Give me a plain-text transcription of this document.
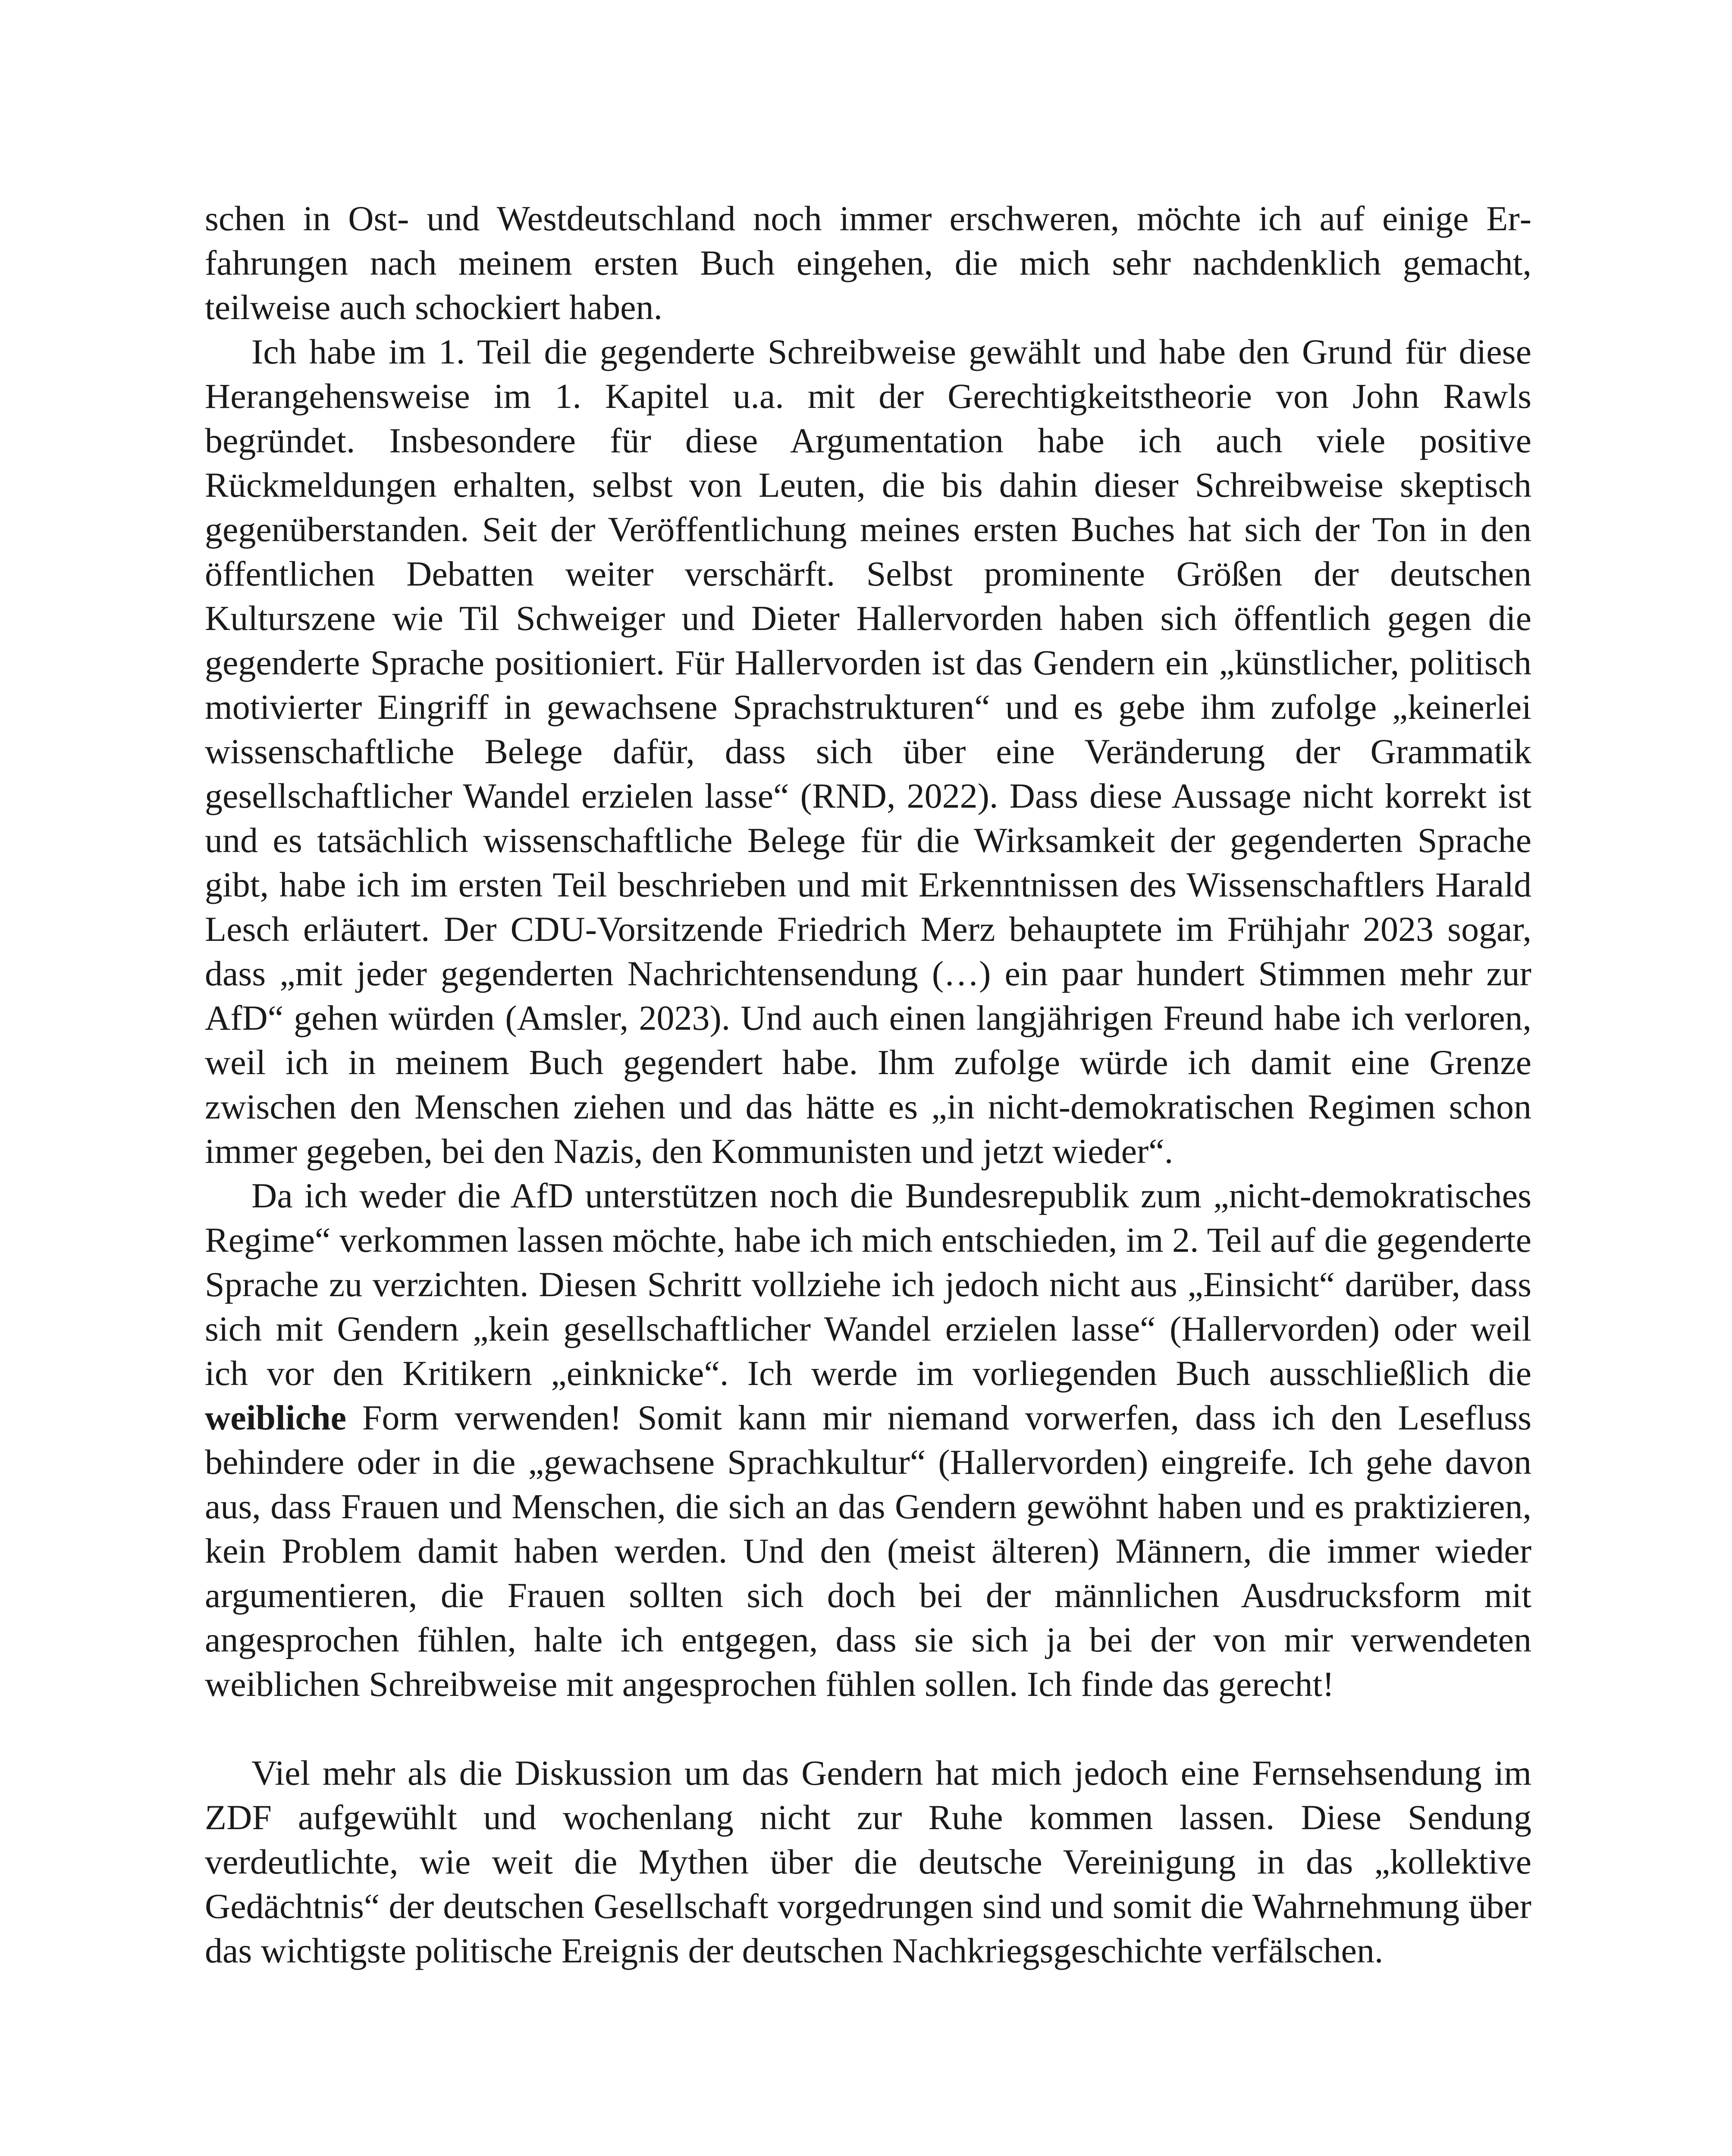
schen in Ost- und Westdeutschland noch immer erschweren, möchte ich auf einige Erfahrungen nach meinem ersten Buch eingehen, die mich sehr nachdenklich gemacht, teilweise auch schockiert haben.

Ich habe im 1. Teil die gegenderte Schreibweise gewählt und habe den Grund für diese Herangehensweise im 1. Kapitel u.a. mit der Gerechtigkeitstheorie von John Rawls begründet. Insbesondere für diese Argumentation habe ich auch viele positive Rückmeldungen erhalten, selbst von Leuten, die bis dahin dieser Schreibweise skeptisch gegenüberstanden. Seit der Veröffentlichung meines ersten Buches hat sich der Ton in den öffentlichen Debatten weiter verschärft. Selbst prominente Größen der deutschen Kulturszene wie Til Schweiger und Dieter Hallervorden haben sich öffentlich gegen die gegenderte Sprache positioniert. Für Hallervorden ist das Gendern ein „künstlicher, politisch motivierter Eingriff in gewachsene Sprachstrukturen“ und es gebe ihm zufolge „keinerlei wissenschaftliche Belege dafür, dass sich über eine Veränderung der Grammatik gesellschaftlicher Wandel erzielen lasse“ (RND, 2022). Dass diese Aussage nicht korrekt ist und es tatsächlich wissenschaftliche Belege für die Wirksamkeit der gegenderten Sprache gibt, habe ich im ersten Teil beschrieben und mit Erkenntnissen des Wissenschaftlers Harald Lesch erläutert. Der CDU-Vorsitzende Friedrich Merz behauptete im Frühjahr 2023 sogar, dass „mit jeder gegenderten Nachrichtensendung (…) ein paar hundert Stimmen mehr zur AfD“ gehen würden (Amsler, 2023). Und auch einen langjährigen Freund habe ich verloren, weil ich in meinem Buch gegendert habe. Ihm zufolge würde ich damit eine Grenze zwischen den Menschen ziehen und das hätte es „in nicht-demokratischen Regimen schon immer gegeben, bei den Nazis, den Kommunisten und jetzt wieder“.

Da ich weder die AfD unterstützen noch die Bundesrepublik zum „nicht-demokratisches Regime“ verkommen lassen möchte, habe ich mich entschieden, im 2. Teil auf die gegenderte Sprache zu verzichten. Diesen Schritt vollziehe ich jedoch nicht aus „Einsicht“ darüber, dass sich mit Gendern „kein gesellschaftlicher Wandel erzielen lasse“ (Hallervorden) oder weil ich vor den Kritikern „einknicke“. Ich werde im vorliegenden Buch ausschließlich die weibliche Form verwenden! Somit kann mir niemand vorwerfen, dass ich den Lesefluss behindere oder in die „gewachsene Sprachkultur“ (Hallervorden) eingreife. Ich gehe davon aus, dass Frauen und Menschen, die sich an das Gendern gewöhnt haben und es praktizieren, kein Problem damit haben werden. Und den (meist älteren) Männern, die immer wieder argumentieren, die Frauen sollten sich doch bei der männlichen Ausdrucksform mit angesprochen fühlen, halte ich entgegen, dass sie sich ja bei der von mir verwendeten weiblichen Schreibweise mit angesprochen fühlen sollen. Ich finde das gerecht!

Viel mehr als die Diskussion um das Gendern hat mich jedoch eine Fernsehsendung im ZDF aufgewühlt und wochenlang nicht zur Ruhe kommen lassen. Diese Sendung verdeutlichte, wie weit die Mythen über die deutsche Vereinigung in das „kollektive Gedächtnis“ der deutschen Gesellschaft vorgedrungen sind und somit die Wahrnehmung über das wichtigste politische Ereignis der deutschen Nachkriegsgeschichte verfälschen.
